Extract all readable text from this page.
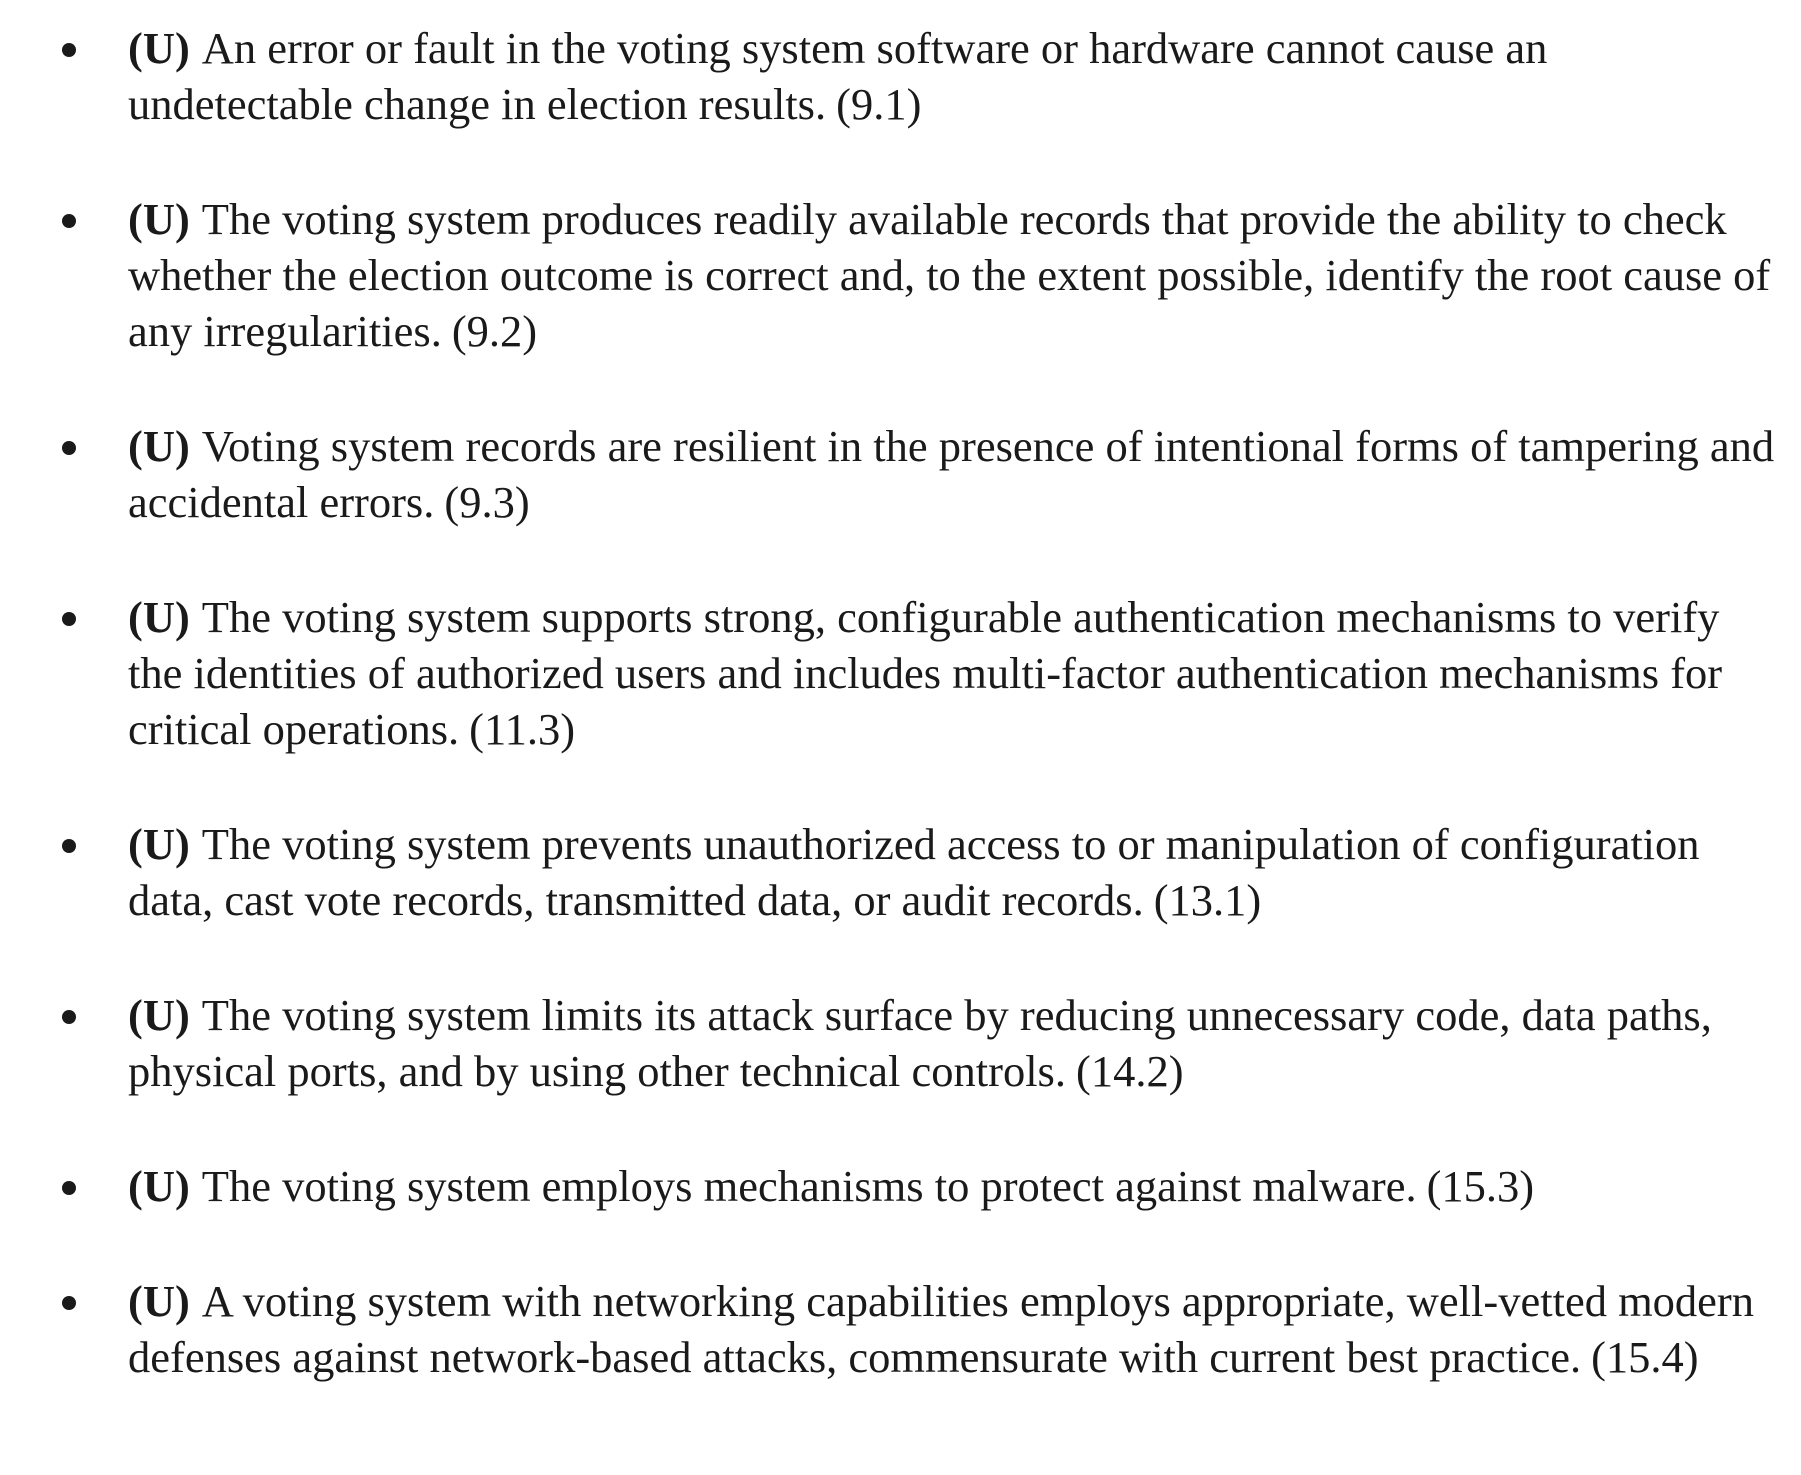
(U) An error or fault in the voting system software or hardware cannot cause an undetectable change in election results. (9.1)
(U) The voting system produces readily available records that provide the ability to check whether the election outcome is correct and, to the extent possible, identify the root cause of any irregularities. (9.2)
(U) Voting system records are resilient in the presence of intentional forms of tampering and accidental errors. (9.3)
(U) The voting system supports strong, configurable authentication mechanisms to verify the identities of authorized users and includes multi-factor authentication mechanisms for critical operations. (11.3)
(U) The voting system prevents unauthorized access to or manipulation of configuration data, cast vote records, transmitted data, or audit records. (13.1)
(U) The voting system limits its attack surface by reducing unnecessary code, data paths, physical ports, and by using other technical controls. (14.2)
(U) The voting system employs mechanisms to protect against malware. (15.3)
(U) A voting system with networking capabilities employs appropriate, well-vetted modern defenses against network-based attacks, commensurate with current best practice. (15.4)
